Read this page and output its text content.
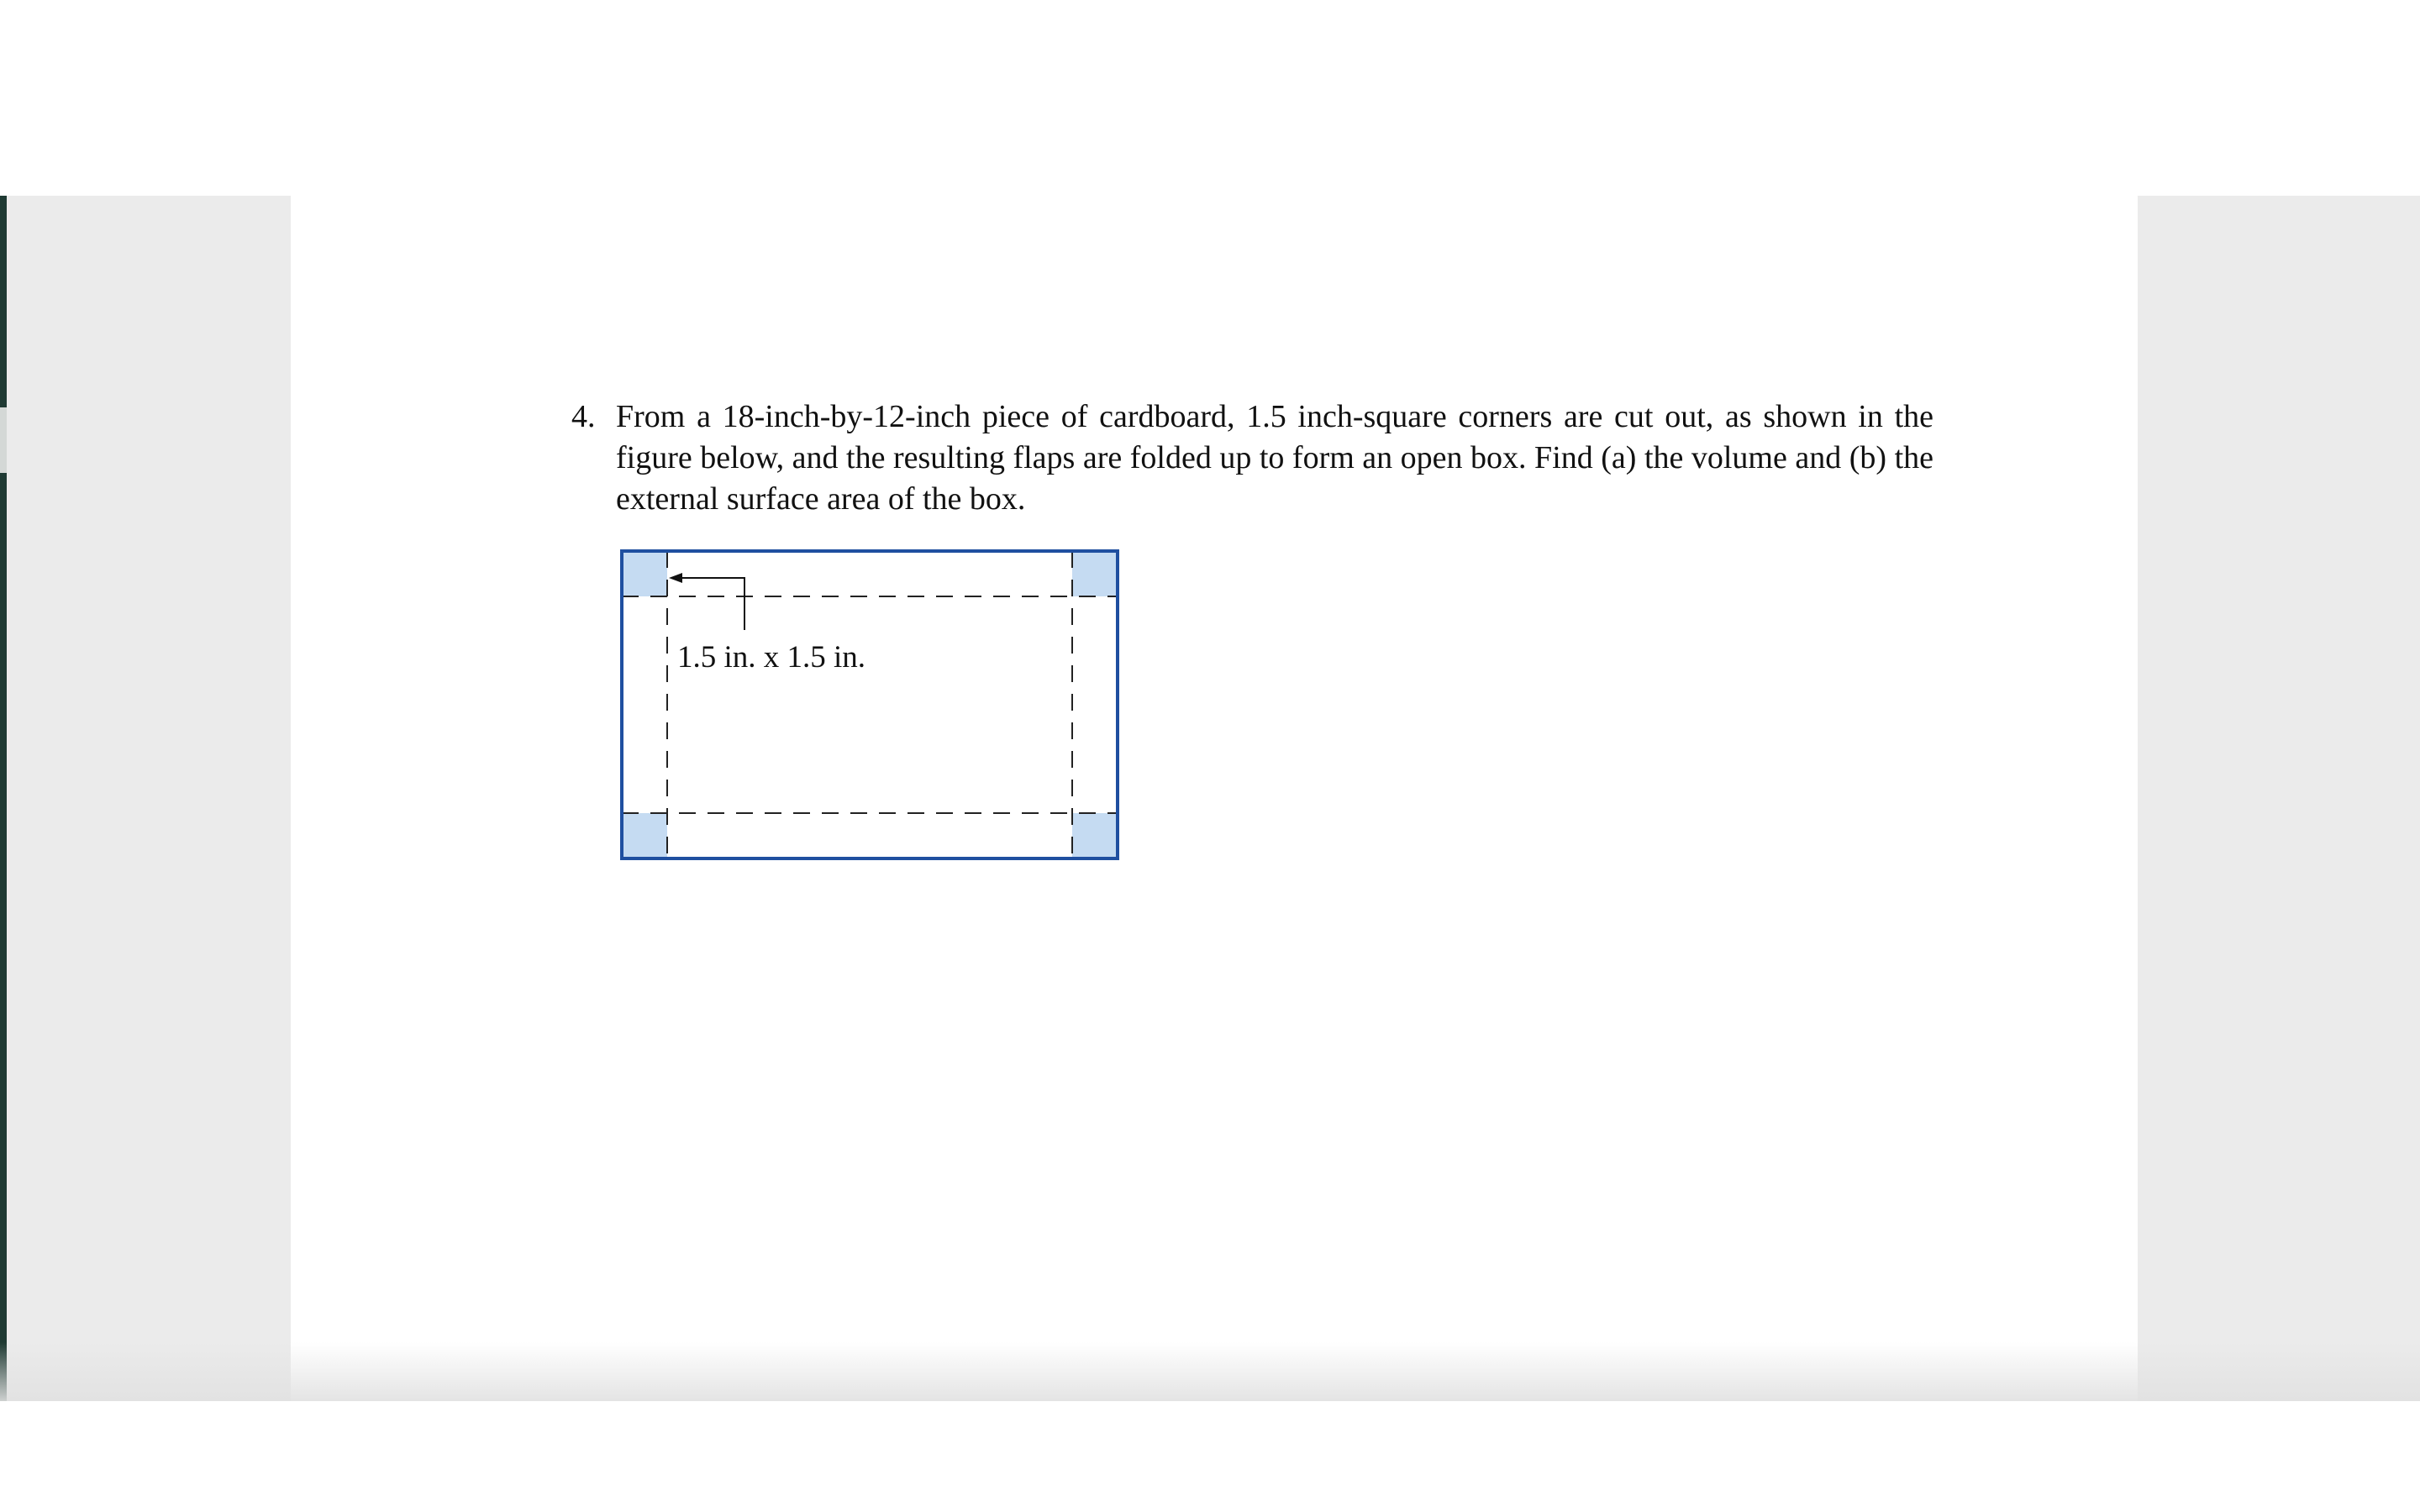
4. From a 18-inch-by-12-inch piece of cardboard, 1.5 inch-square corners are cut out, as shown in the figure below, and the resulting flaps are folded up to form an open box. Find (a) the volume and (b) the external surface area of the box.
1.5 in. x 1.5 in.
